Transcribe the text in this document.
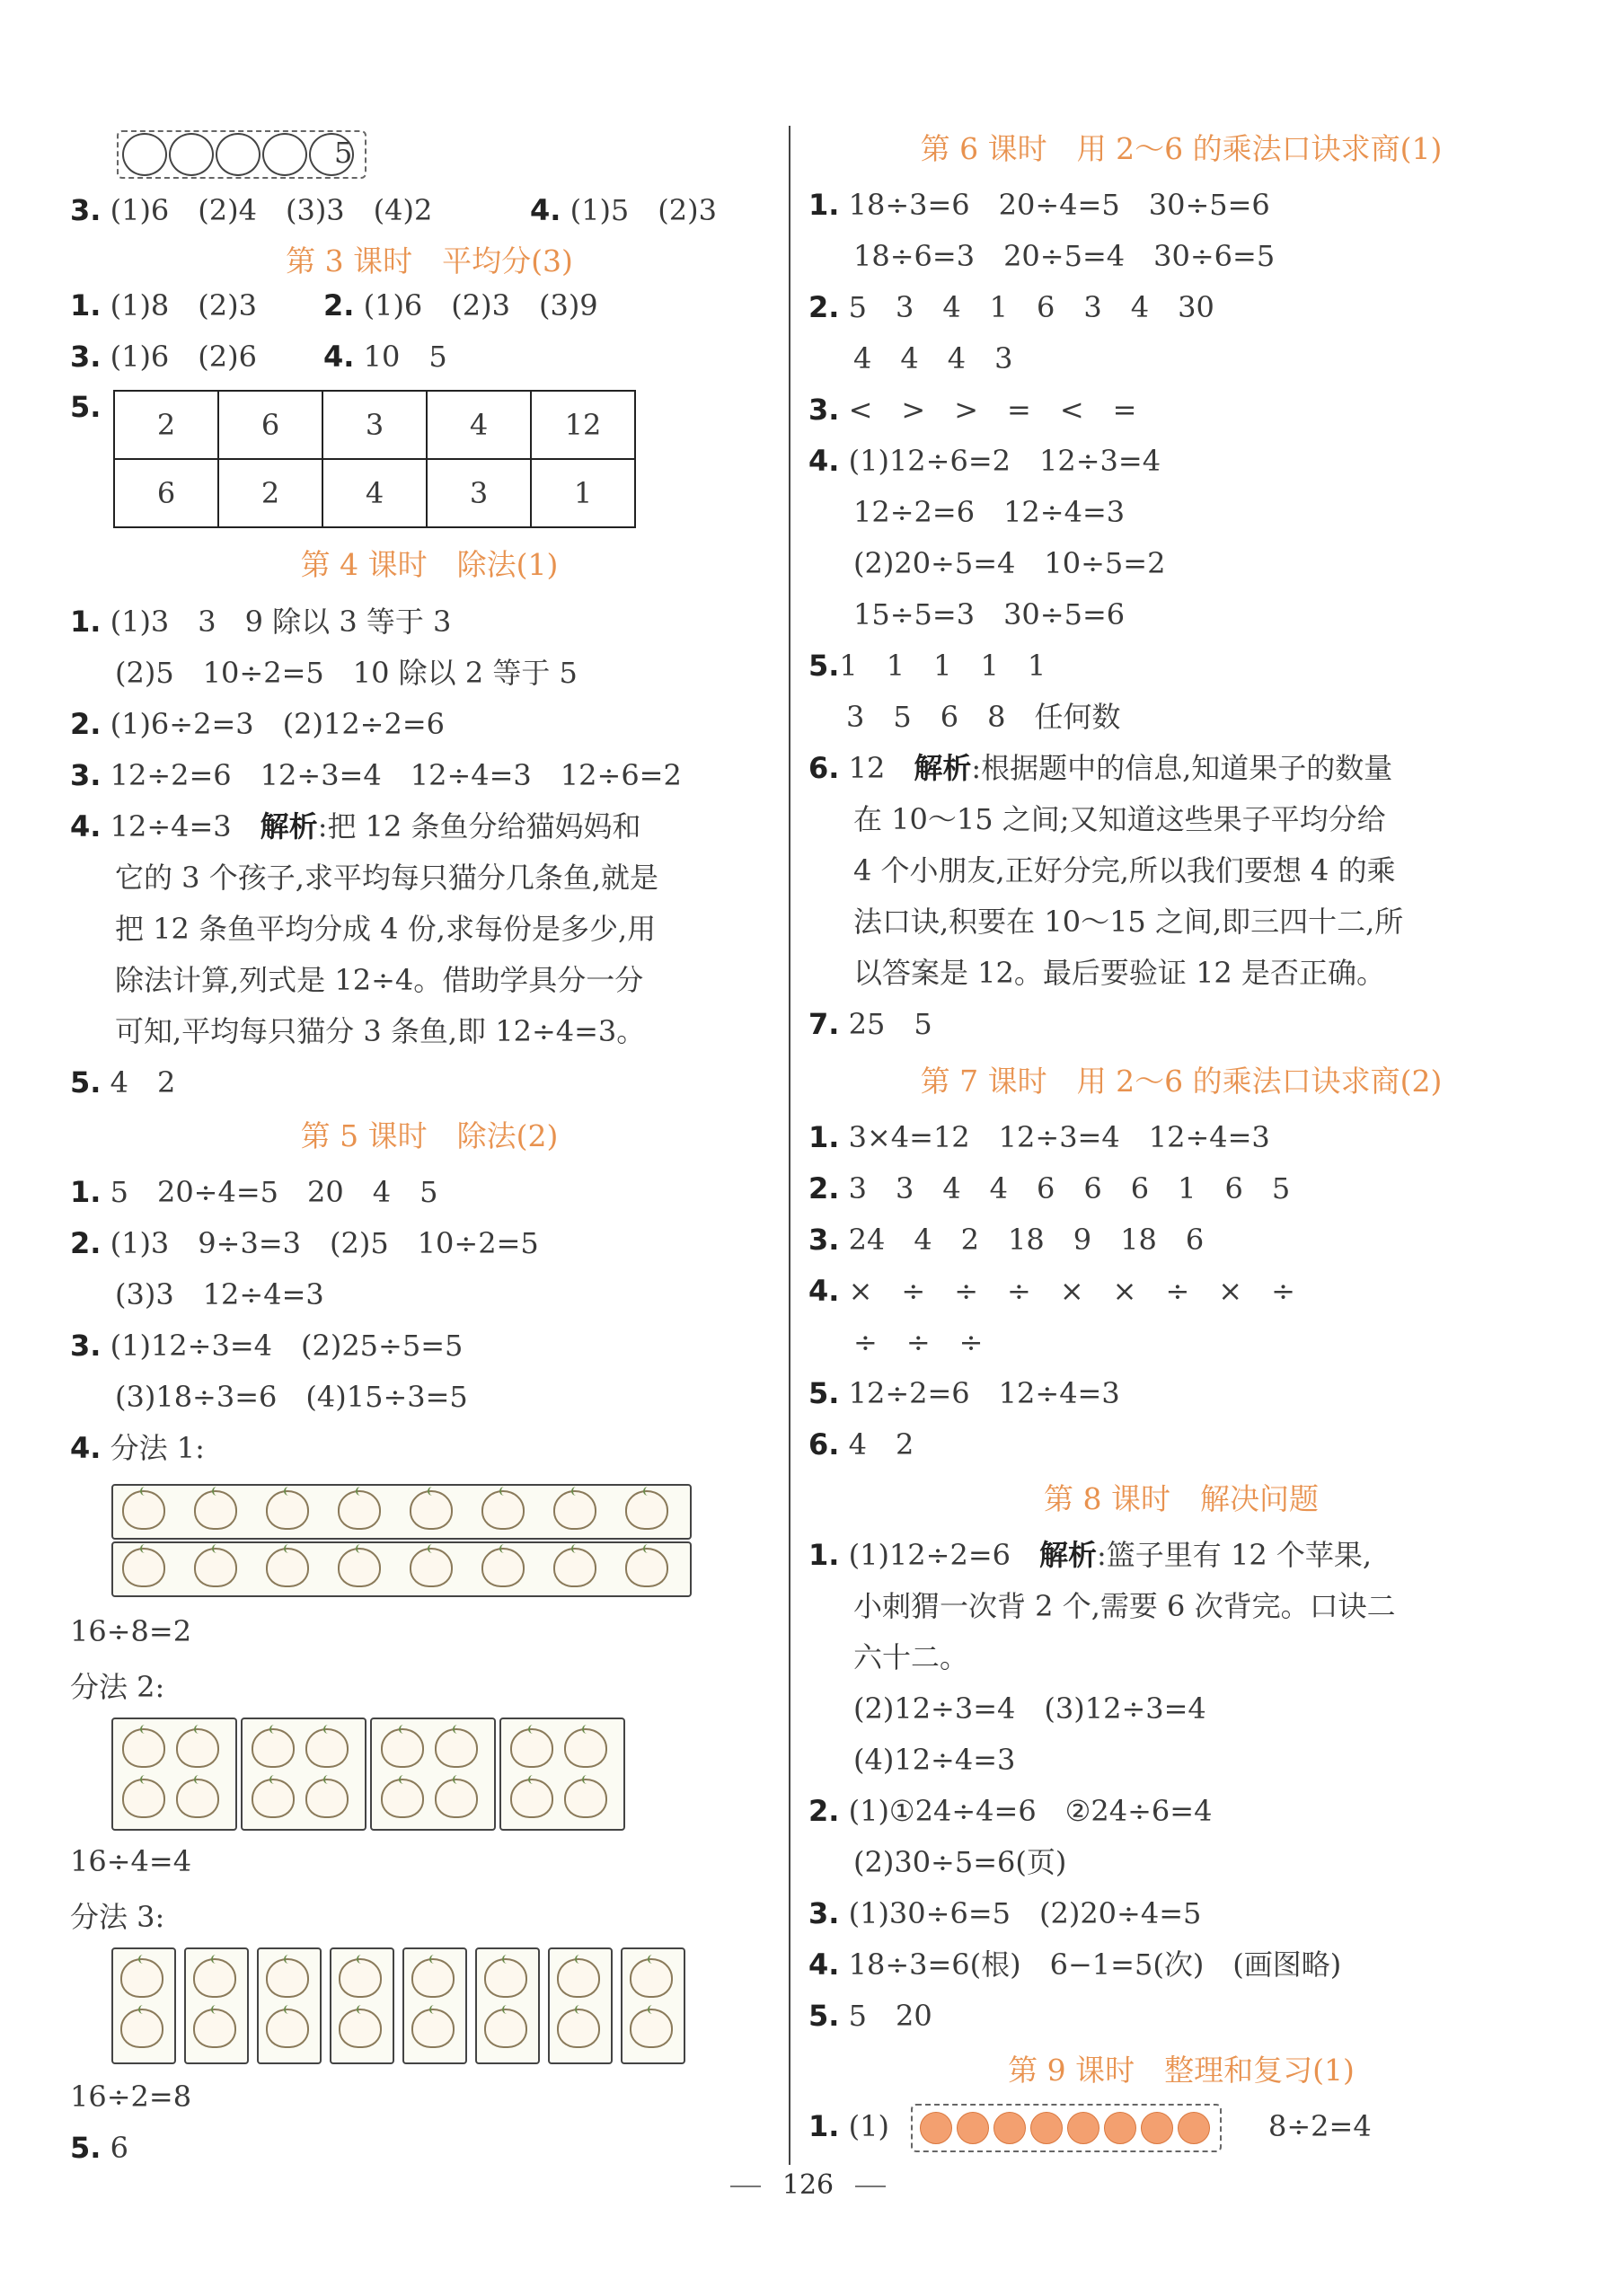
5
3. (1)6　(2)4　(3)3　(4)2	4. (1)5　(2)3
第 3 课时　平均分(3)
1. (1)8　(2)3 2. (1)6　(2)3　(3)9
3. (1)6　(2)6 4. 10　5
5.
2	6	3	4	12
6	2	4	3	1
第 4 课时　除法(1)
1. (1)3　3　9 除以 3 等于 3
(2)5　10÷2=5　10 除以 2 等于 5
2. (1)6÷2=3　(2)12÷2=6
3. 12÷2=6　12÷3=4　12÷4=3　12÷6=2
4. 12÷4=3　解析:把 12 条鱼分给猫妈妈和
它的 3 个孩子,求平均每只猫分几条鱼,就是
把 12 条鱼平均分成 4 份,求每份是多少,用
除法计算,列式是 12÷4。借助学具分一分
可知,平均每只猫分 3 条鱼,即 12÷4=3。
5. 4　2
第 5 课时　除法(2)
1. 5　20÷4=5　20　4　5
2. (1)3　9÷3=3　(2)5　10÷2=5
(3)3　12÷4=3
3. (1)12÷3=4　(2)25÷5=5
(3)18÷3=6　(4)15÷3=5
4. 分法 1:
16÷8=2
分法 2:
16÷4=4
分法 3:
16÷2=8
5. 6
第 6 课时　用 2～6 的乘法口诀求商(1)
1. 18÷3=6　20÷4=5　30÷5=6
18÷6=3　20÷5=4　30÷6=5
2. 5　3　4　1　6　3　4　30
4　4　4　3
3. <　>　>　=　<　=
4. (1)12÷6=2　12÷3=4
12÷2=6　12÷4=3
(2)20÷5=4　10÷5=2
15÷5=3　30÷5=6
5.1　1　1　1　1
3　5　6　8　任何数
6. 12　解析:根据题中的信息,知道果子的数量
在 10～15 之间;又知道这些果子平均分给
4 个小朋友,正好分完,所以我们要想 4 的乘
法口诀,积要在 10～15 之间,即三四十二,所
以答案是 12。最后要验证 12 是否正确。
7. 25　5
第 7 课时　用 2～6 的乘法口诀求商(2)
1. 3×4=12　12÷3=4　12÷4=3
2. 3　3　4　4　6　6　6　1　6　5
3. 24　4　2　18　9　18　6
4. ×　÷　÷　÷　×　×　÷　×　÷
÷　÷　÷
5. 12÷2=6　12÷4=3
6. 4　2
第 8 课时　解决问题
1. (1)12÷2=6　解析:篮子里有 12 个苹果,
小刺猬一次背 2 个,需要 6 次背完。口诀二
六十二。
(2)12÷3=4　(3)12÷3=4
(4)12÷4=3
2. (1)①24÷4=6　②24÷6=4
(2)30÷5=6(页)
3. (1)30÷6=5　(2)20÷4=5
4. 18÷3=6(根)　6−1=5(次)　(画图略)
5. 5　20
第 9 课时　整理和复习(1)
1. (1)	8÷2=4
126
